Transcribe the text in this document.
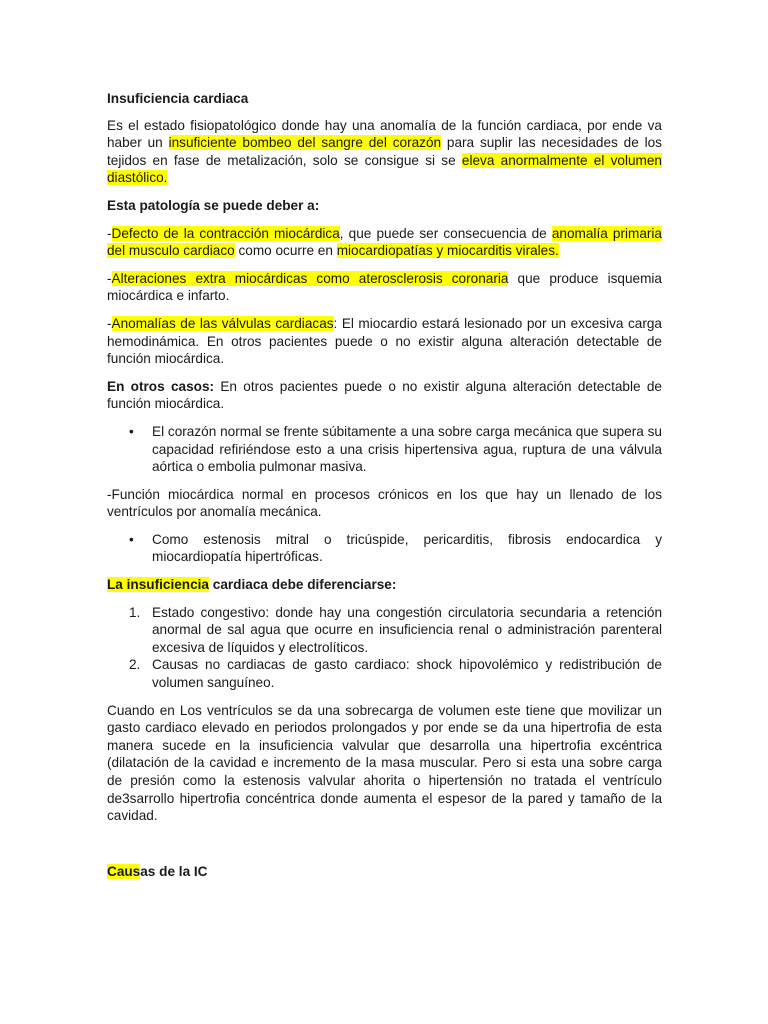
Insuficiencia cardiaca

Es el estado fisiopatológico donde hay una anomalía de la función cardiaca, por ende va haber un insuficiente bombeo del sangre del corazón para suplir las necesidades de los tejidos en fase de metalización, solo se consigue si se eleva anormalmente el volumen diastólico.

Esta patología se puede deber a:

-Defecto de la contracción miocárdica, que puede ser consecuencia de anomalía primaria del musculo cardiaco como ocurre en miocardiopatías y miocarditis virales.

-Alteraciones extra miocárdicas como aterosclerosis coronaria que produce isquemia miocárdica e infarto.

-Anomalías de las válvulas cardiacas: El miocardio estará lesionado por un excesiva carga hemodinámica. En otros pacientes puede o no existir alguna alteración detectable de función miocárdica.

En otros casos: En otros pacientes puede o no existir alguna alteración detectable de función miocárdica.

• El corazón normal se frente súbitamente a una sobre carga mecánica que supera su capacidad refiriéndose esto a una crisis hipertensiva agua, ruptura de una válvula aórtica o embolia pulmonar masiva.

-Función miocárdica normal en procesos crónicos en los que hay un llenado de los ventrículos por anomalía mecánica.

• Como estenosis mitral o tricúspide, pericarditis, fibrosis endocardica y miocardiopatía hipertróficas.

La insuficiencia cardiaca debe diferenciarse:

1. Estado congestivo: donde hay una congestión circulatoria secundaria a retención anormal de sal agua que ocurre en insuficiencia renal o administración parenteral excesiva de líquidos y electrolíticos.
2. Causas no cardiacas de gasto cardiaco: shock hipovolémico y redistribución de volumen sanguíneo.

Cuando en Los ventrículos se da una sobrecarga de volumen este tiene que movilizar un gasto cardiaco elevado en periodos prolongados y por ende se da una hipertrofia de esta manera sucede en la insuficiencia valvular que desarrolla una hipertrofia excéntrica (dilatación de la cavidad e incremento de la masa muscular. Pero si esta una sobre carga de presión como la estenosis valvular ahorita o hipertensión no tratada el ventrículo de3sarrollo hipertrofia concéntrica donde aumenta el espesor de la pared y tamaño de la cavidad.

Causas de la IC
